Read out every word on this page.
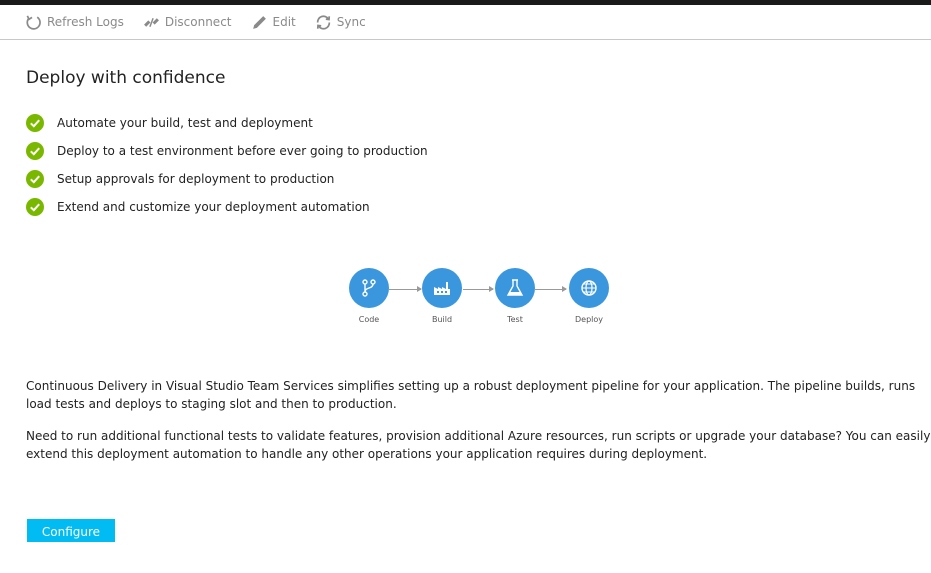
Refresh Logs	Disconnect	Edit	Sync
Deploy with confidence
Automate your build, test and deployment
Deploy to a test environment before ever going to production
Setup approvals for deployment to production
Extend and customize your deployment automation
Code	Build	Test	Deploy

Continuous Delivery in Visual Studio Team Services simplifies setting up a robust deployment pipeline for your application. The pipeline builds, runs load tests and deploys to staging slot and then to production.

Need to run additional functional tests to validate features, provision additional Azure resources, run scripts or upgrade your database? You can easily extend this deployment automation to handle any other operations your application requires during deployment.

Configure
